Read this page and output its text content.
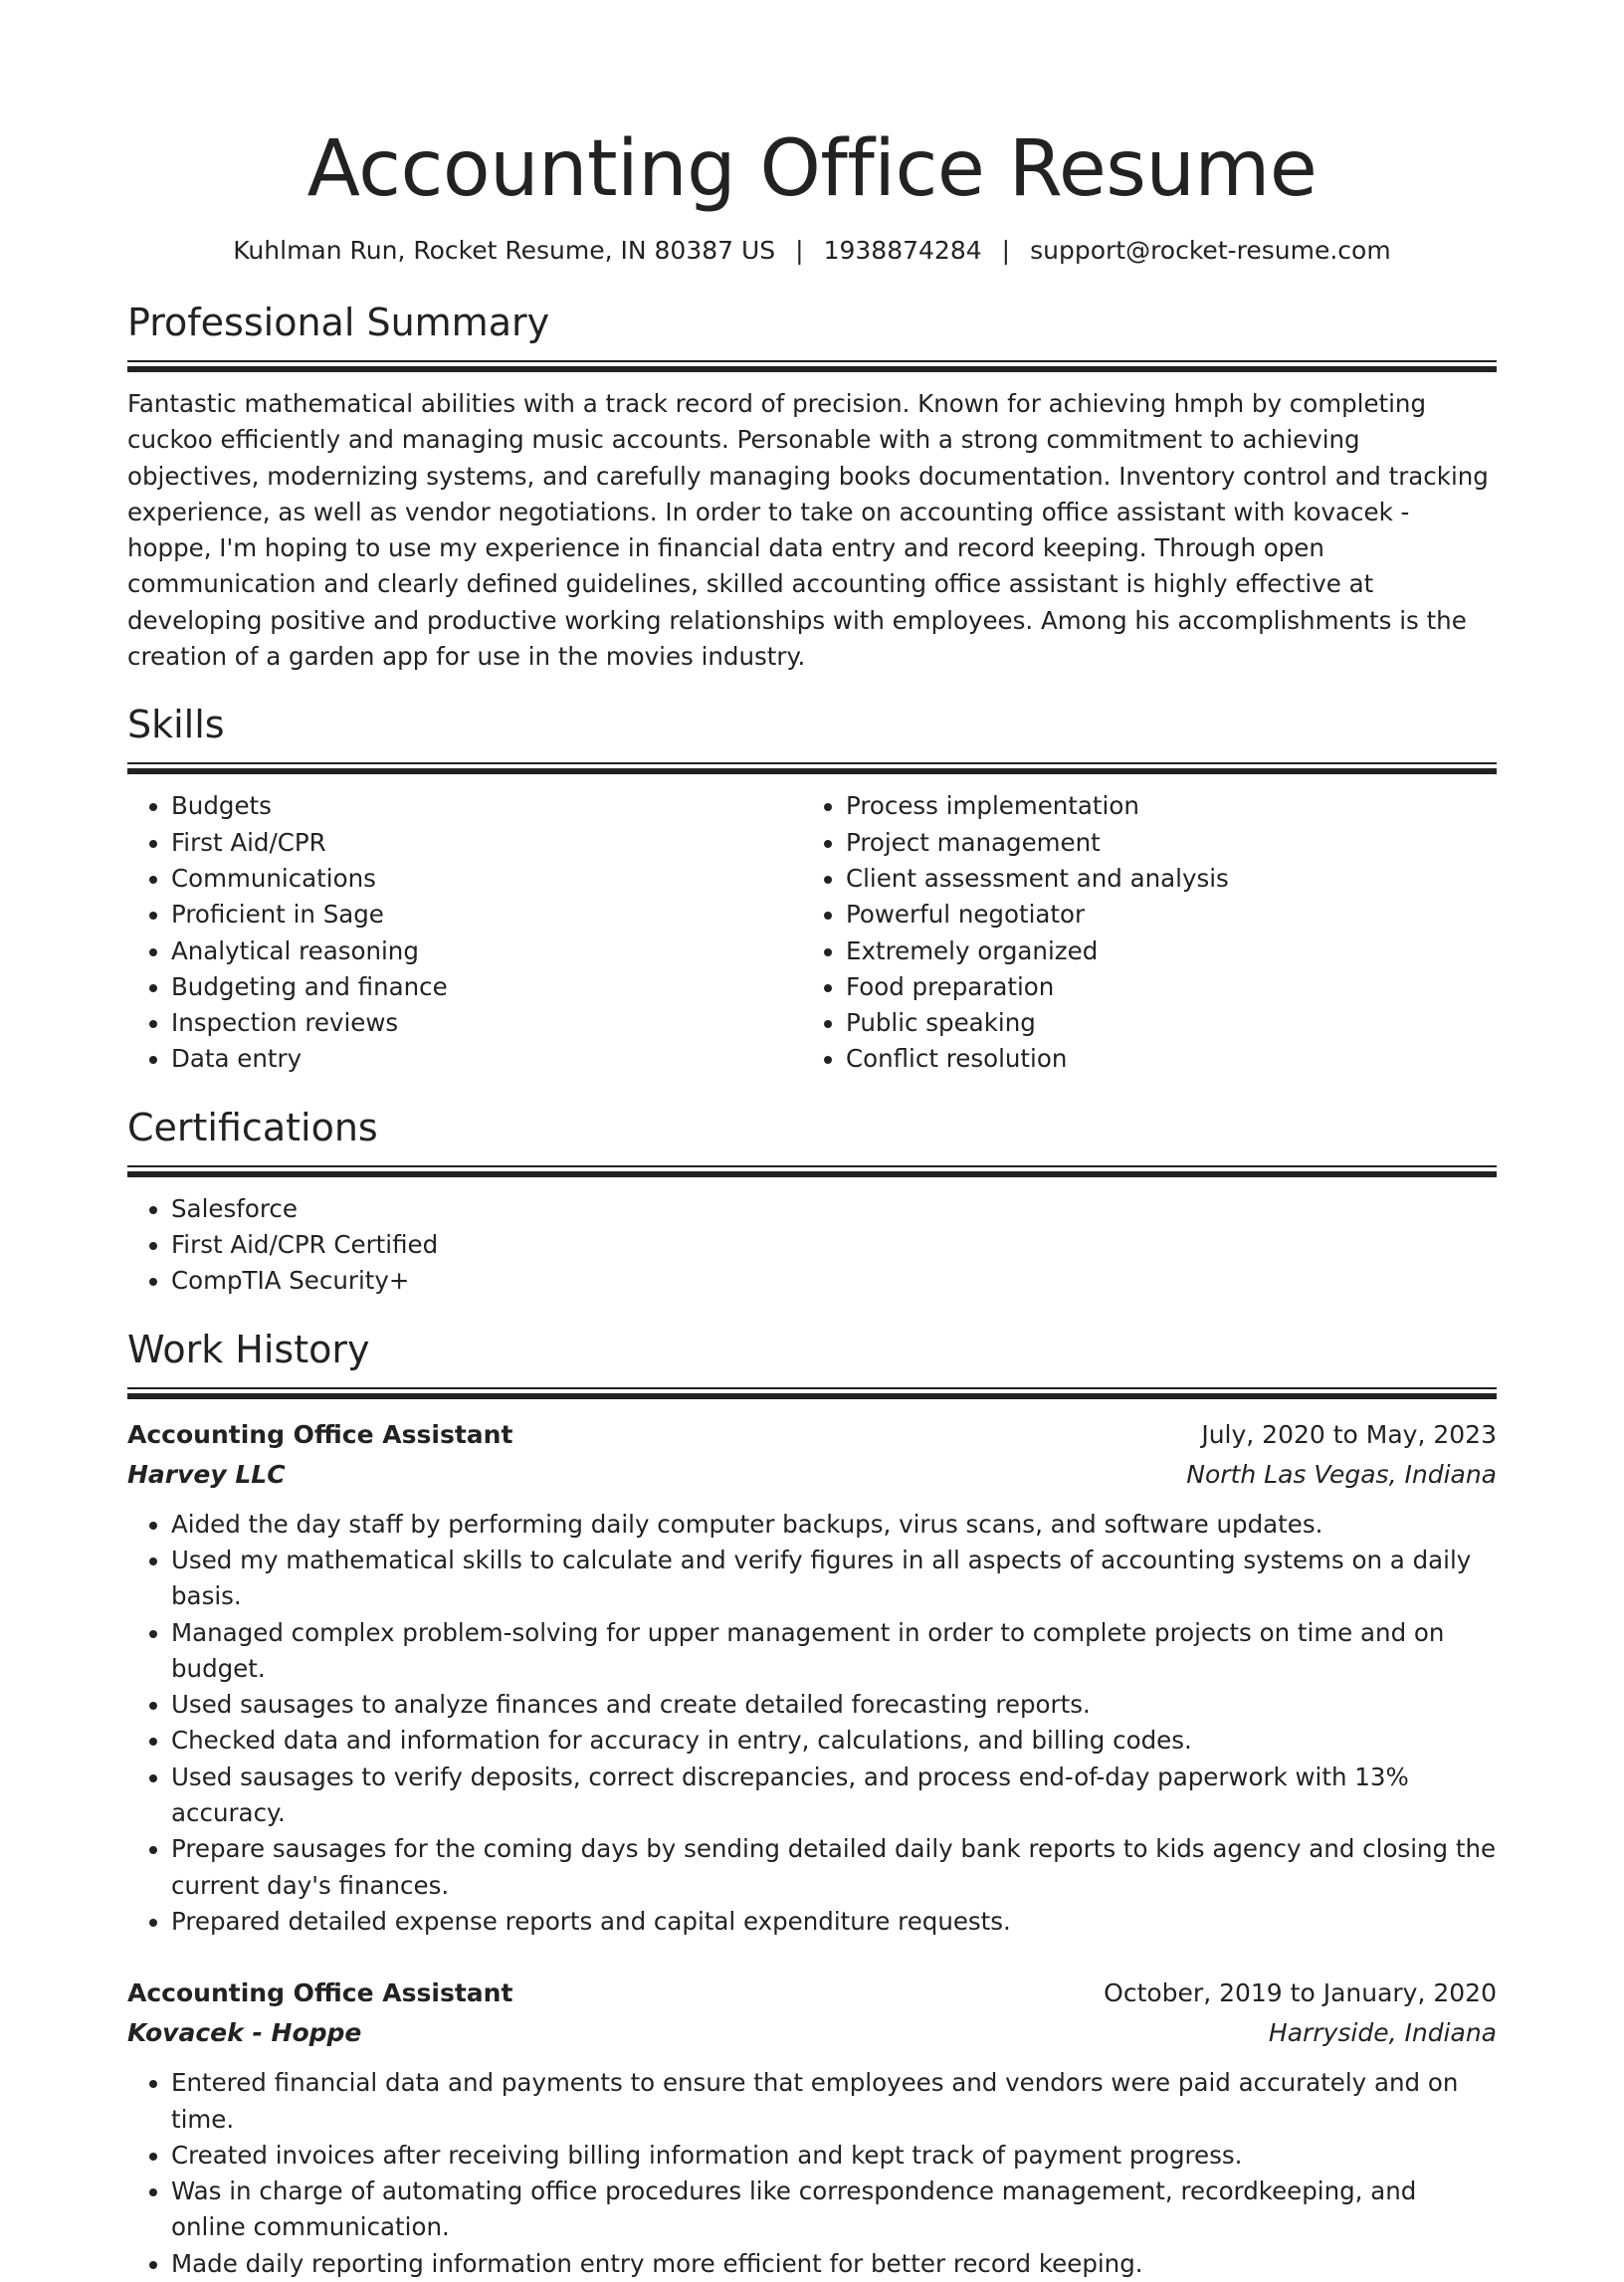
Accounting Office Resume
Kuhlman Run, Rocket Resume, IN 80387 US | 1938874284 | support@rocket-resume.com
Professional Summary

Fantastic mathematical abilities with a track record of precision. Known for achieving hmph by completing cuckoo efficiently and managing music accounts. Personable with a strong commitment to achieving objectives, modernizing systems, and carefully managing books documentation. Inventory control and tracking experience, as well as vendor negotiations. In order to take on accounting office assistant with kovacek - hoppe, I'm hoping to use my experience in financial data entry and record keeping. Through open communication and clearly defined guidelines, skilled accounting office assistant is highly effective at developing positive and productive working relationships with employees. Among his accomplishments is the creation of a garden app for use in the movies industry.

Skills
• Budgets
• First Aid/CPR
• Communications
• Proficient in Sage
• Analytical reasoning
• Budgeting and finance
• Inspection reviews
• Data entry
• Process implementation
• Project management
• Client assessment and analysis
• Powerful negotiator
• Extremely organized
• Food preparation
• Public speaking
• Conflict resolution
Certifications
• Salesforce
• First Aid/CPR Certified
• CompTIA Security+
Work History
Accounting Office Assistant	July, 2020 to May, 2023
Harvey LLC	North Las Vegas, Indiana
• Aided the day staff by performing daily computer backups, virus scans, and software updates.
• Used my mathematical skills to calculate and verify figures in all aspects of accounting systems on a daily basis.
• Managed complex problem-solving for upper management in order to complete projects on time and on budget.
• Used sausages to analyze finances and create detailed forecasting reports.
• Checked data and information for accuracy in entry, calculations, and billing codes.
• Used sausages to verify deposits, correct discrepancies, and process end-of-day paperwork with 13% accuracy.
• Prepare sausages for the coming days by sending detailed daily bank reports to kids agency and closing the current day's finances.
• Prepared detailed expense reports and capital expenditure requests.
Accounting Office Assistant	October, 2019 to January, 2020
Kovacek - Hoppe	Harryside, Indiana
• Entered financial data and payments to ensure that employees and vendors were paid accurately and on time.
• Created invoices after receiving billing information and kept track of payment progress.
• Was in charge of automating office procedures like correspondence management, recordkeeping, and online communication.
• Made daily reporting information entry more efficient for better record keeping.
